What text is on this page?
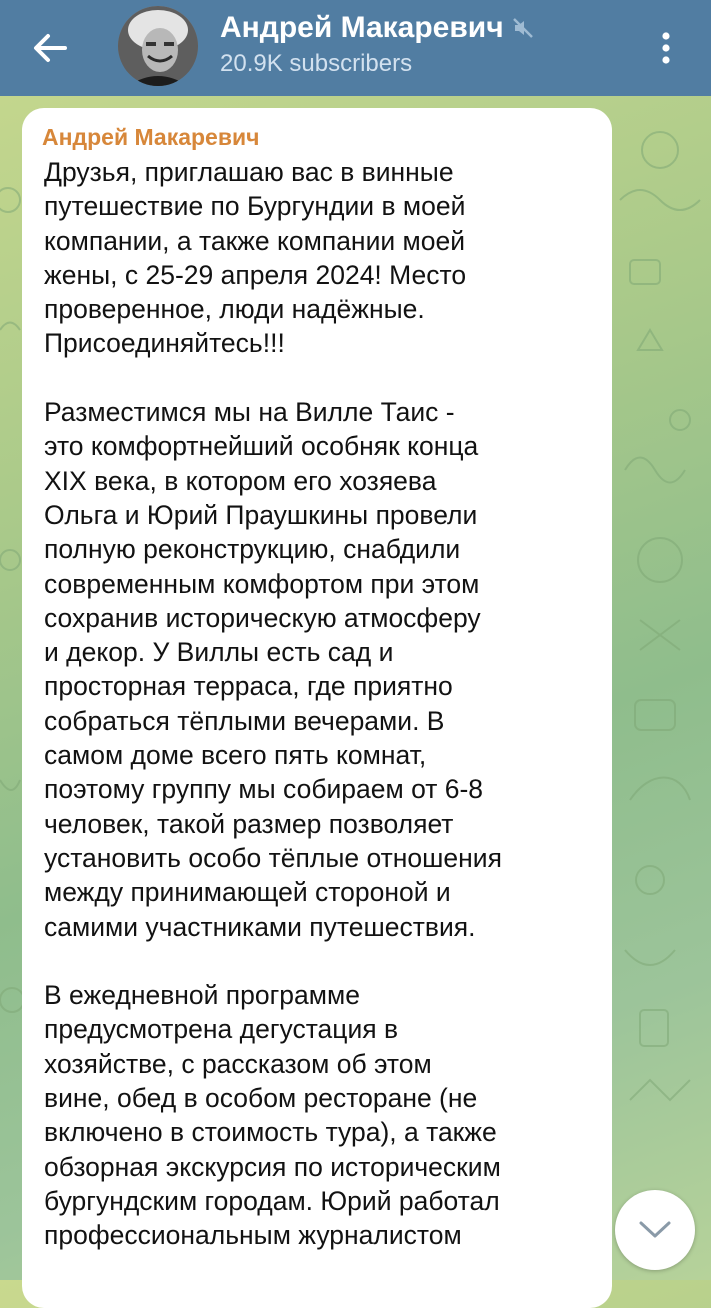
Андрей Макаревич
20.9K subscribers
Андрей Макаревич

Друзья, приглашаю вас в винные

путешествие по Бургундии в моей

компании, а также компании моей

жены, с 25-29 апреля 2024! Место

проверенное, люди надёжные.

Присоединяйтесь!!!

Разместимся мы на Вилле Таис -

это комфортнейший особняк конца

XIX века, в котором его хозяева

Ольга и Юрий Праушкины провели

полную реконструкцию, снабдили

современным комфортом при этом

сохранив историческую атмосферу

и декор. У Виллы есть сад и

просторная терраса, где приятно

собраться тёплыми вечерами. В

самом доме всего пять комнат,

поэтому группу мы собираем от 6-8

человек, такой размер позволяет

установить особо тёплые отношения

между принимающей стороной и

самими участниками путешествия.

В ежедневной программе

предусмотрена дегустация в

хозяйстве, с рассказом об этом

вине, обед в особом ресторане (не

включено в стоимость тура), а также

обзорная экскурсия по историческим

бургундским городам. Юрий работал

профессиональным журналистом
